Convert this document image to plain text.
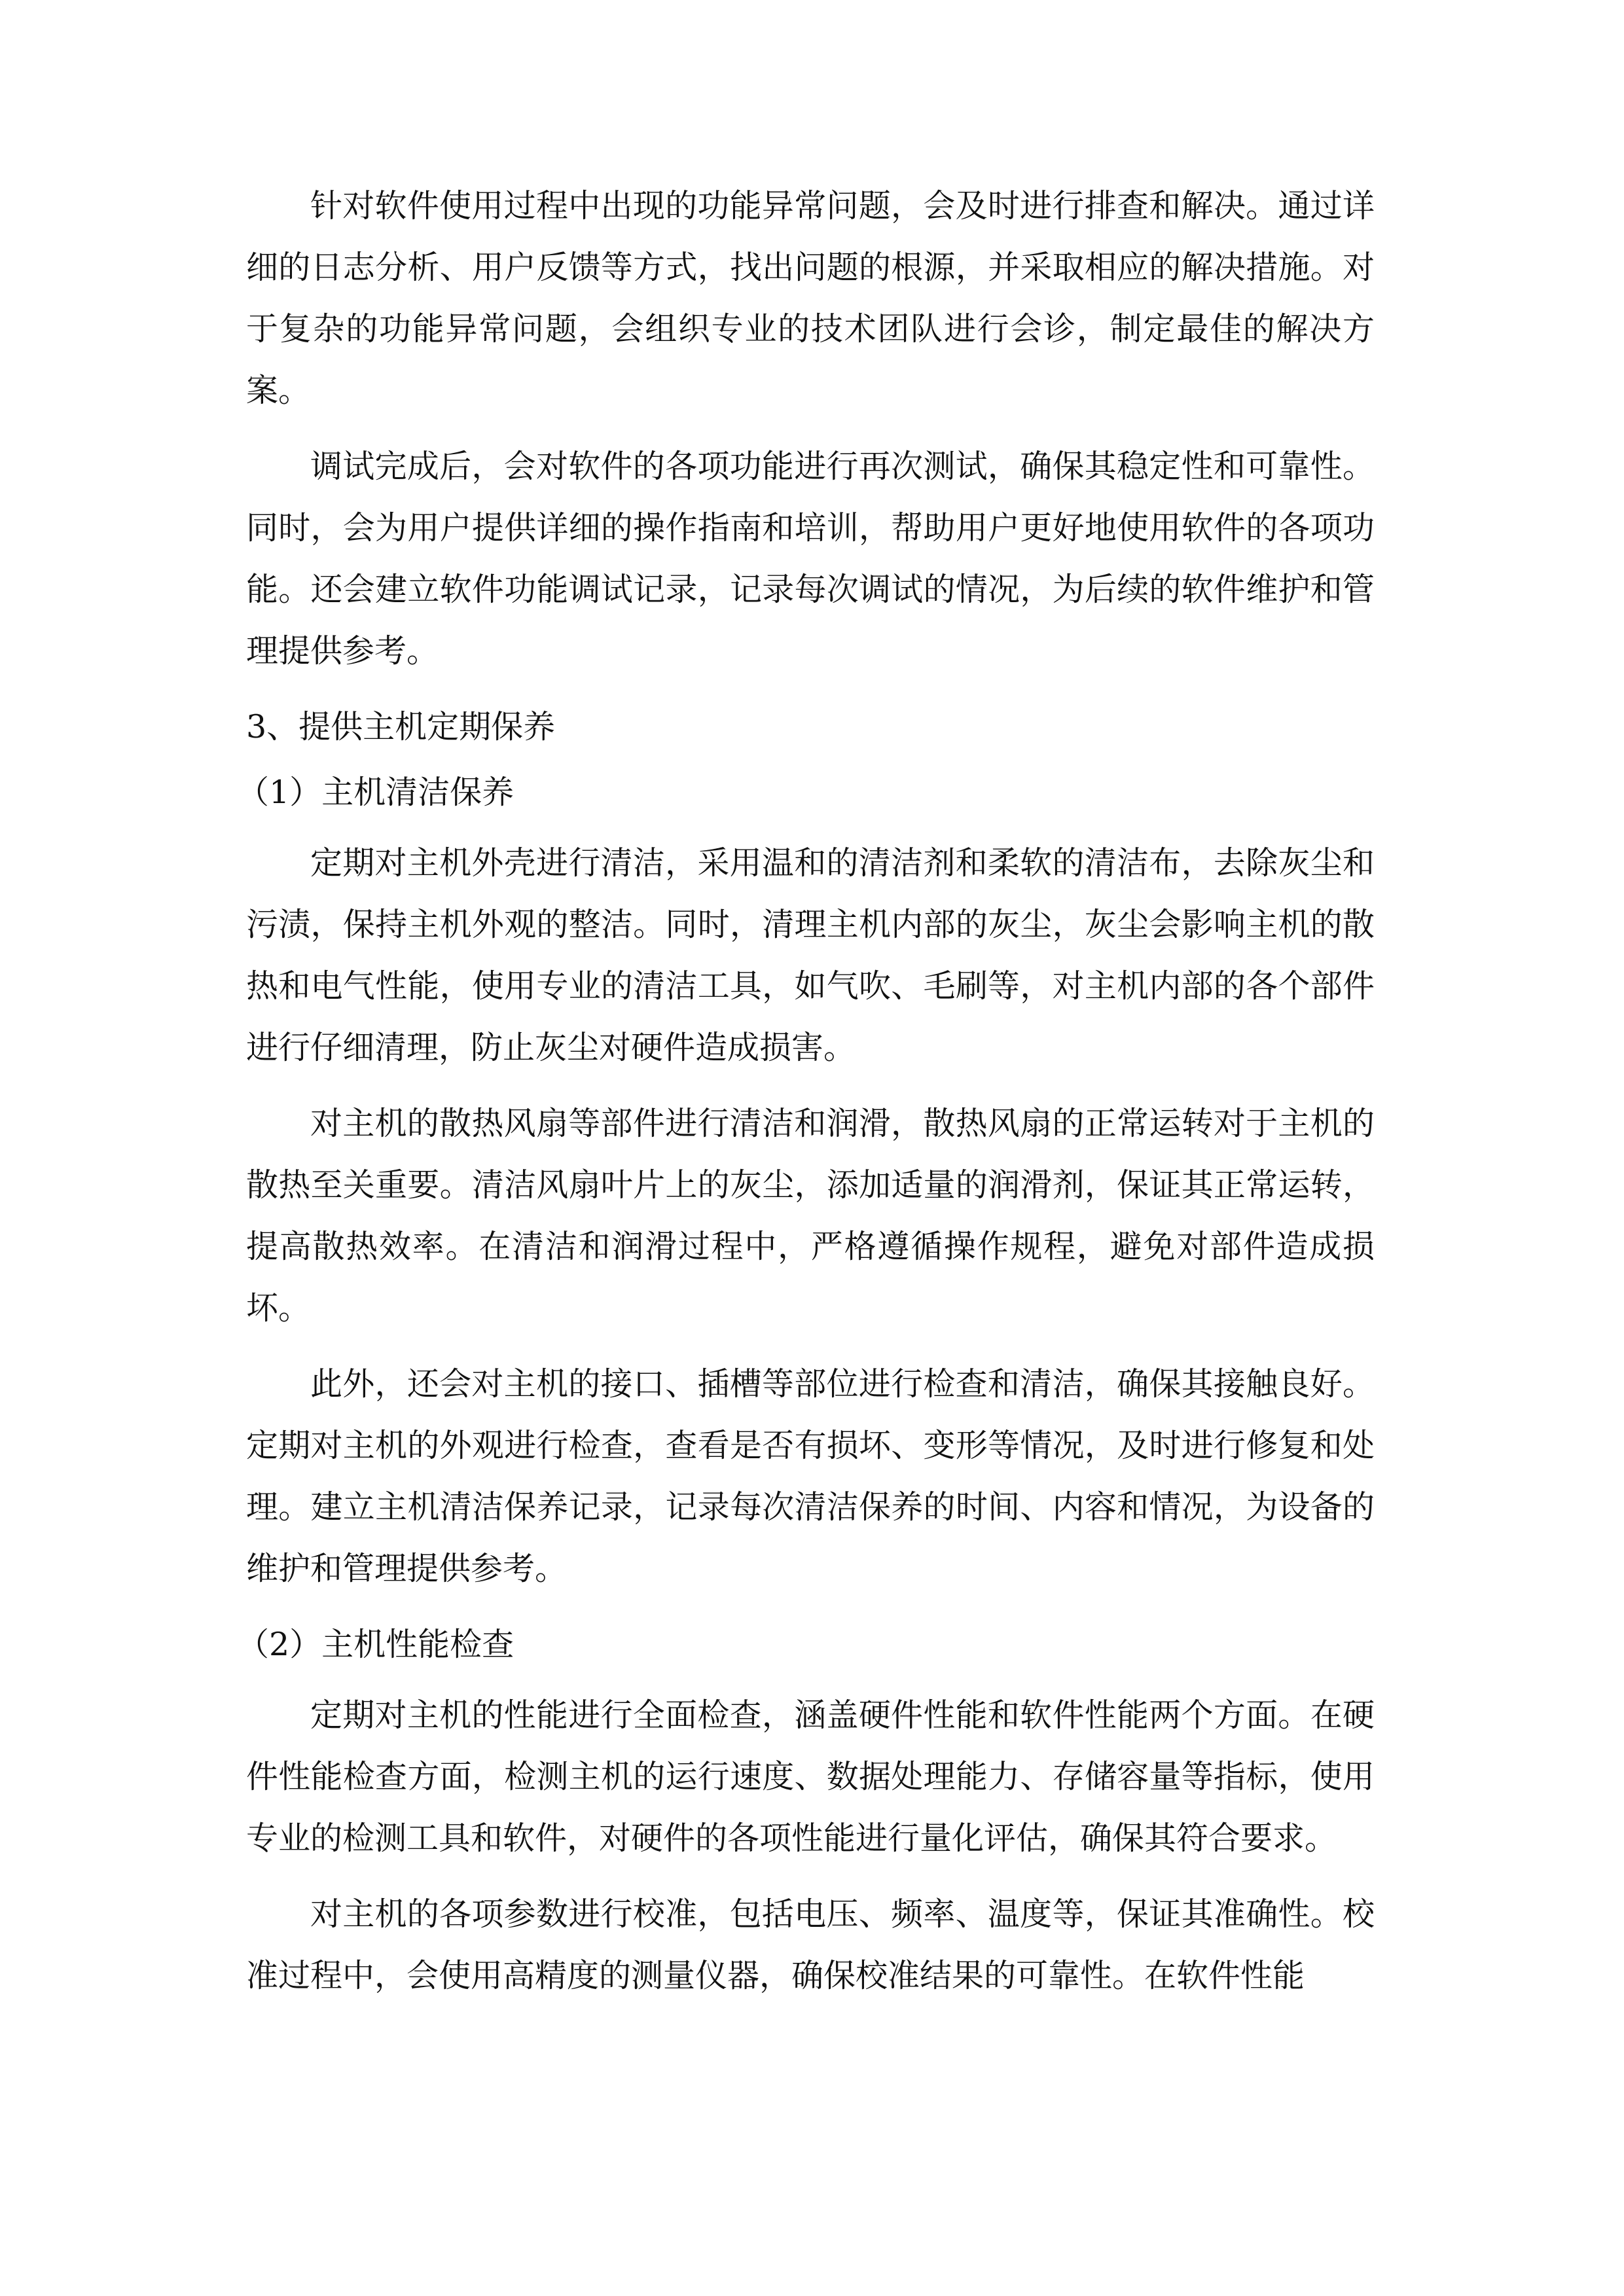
针对软件使用过程中出现的功能异常问题，会及时进行排查和解决。通过详细的日志分析、用户反馈等方式，找出问题的根源，并采取相应的解决措施。对于复杂的功能异常问题，会组织专业的技术团队进行会诊，制定最佳的解决方案。

调试完成后，会对软件的各项功能进行再次测试，确保其稳定性和可靠性。同时，会为用户提供详细的操作指南和培训，帮助用户更好地使用软件的各项功能。还会建立软件功能调试记录，记录每次调试的情况，为后续的软件维护和管理提供参考。

3、提供主机定期保养

（1）主机清洁保养

定期对主机外壳进行清洁，采用温和的清洁剂和柔软的清洁布，去除灰尘和污渍，保持主机外观的整洁。同时，清理主机内部的灰尘，灰尘会影响主机的散热和电气性能，使用专业的清洁工具，如气吹、毛刷等，对主机内部的各个部件进行仔细清理，防止灰尘对硬件造成损害。

对主机的散热风扇等部件进行清洁和润滑，散热风扇的正常运转对于主机的散热至关重要。清洁风扇叶片上的灰尘，添加适量的润滑剂，保证其正常运转，提高散热效率。在清洁和润滑过程中，严格遵循操作规程，避免对部件造成损坏。

此外，还会对主机的接口、插槽等部位进行检查和清洁，确保其接触良好。定期对主机的外观进行检查，查看是否有损坏、变形等情况，及时进行修复和处理。建立主机清洁保养记录，记录每次清洁保养的时间、内容和情况，为设备的维护和管理提供参考。

（2）主机性能检查

定期对主机的性能进行全面检查，涵盖硬件性能和软件性能两个方面。在硬件性能检查方面，检测主机的运行速度、数据处理能力、存储容量等指标，使用专业的检测工具和软件，对硬件的各项性能进行量化评估，确保其符合要求。

对主机的各项参数进行校准，包括电压、频率、温度等，保证其准确性。校准过程中，会使用高精度的测量仪器，确保校准结果的可靠性。在软件性能
